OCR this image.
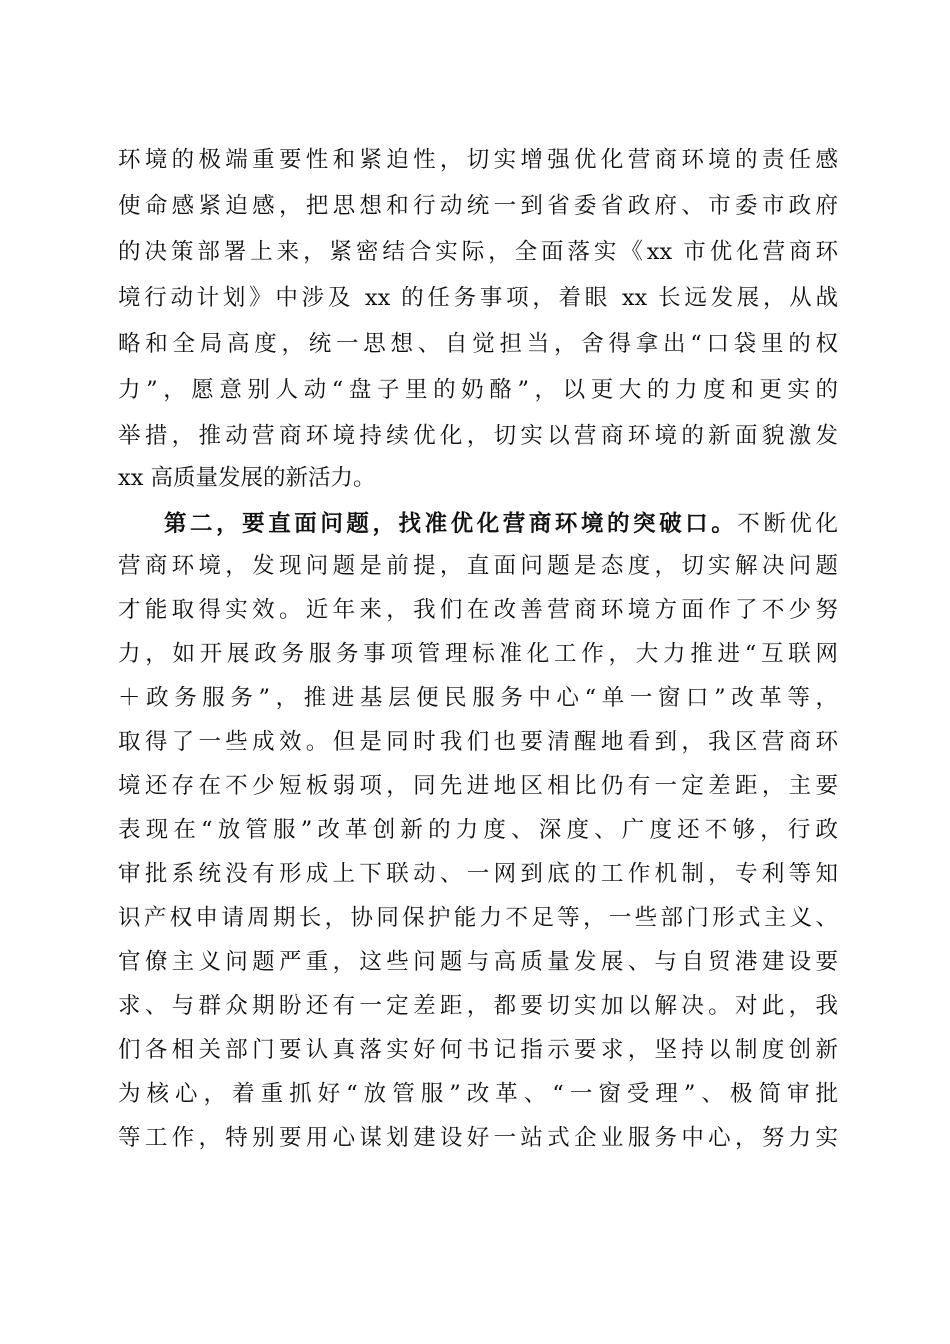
环境的极端重要性和紧迫性，切实增强优化营商环境的责任感
使命感紧迫感，把思想和行动统一到省委省政府、市委市政府
的决策部署上来，紧密结合实际，全面落实《xx 市优化营商环
境行动计划》中涉及 xx 的任务事项，着眼 xx 长远发展，从战
略和全局高度，统一思想、自觉担当，舍得拿出“口袋里的权
力”，愿意别人动“盘子里的奶酪”，以更大的力度和更实的
举措，推动营商环境持续优化，切实以营商环境的新面貌激发
xx 高质量发展的新活力。
第二，要直面问题，找准优化营商环境的突破口。不断优化
营商环境，发现问题是前提，直面问题是态度，切实解决问题
才能取得实效。近年来，我们在改善营商环境方面作了不少努
力，如开展政务服务事项管理标准化工作，大力推进“互联网
＋政务服务”，推进基层便民服务中心“单一窗口”改革等，
取得了一些成效。但是同时我们也要清醒地看到，我区营商环
境还存在不少短板弱项，同先进地区相比仍有一定差距，主要
表现在“放管服”改革创新的力度、深度、广度还不够，行政
审批系统没有形成上下联动、一网到底的工作机制，专利等知
识产权申请周期长，协同保护能力不足等，一些部门形式主义、
官僚主义问题严重，这些问题与高质量发展、与自贸港建设要
求、与群众期盼还有一定差距，都要切实加以解决。对此，我
们各相关部门要认真落实好何书记指示要求，坚持以制度创新
为核心，着重抓好“放管服”改革、“一窗受理”、极简审批
等工作，特别要用心谋划建设好一站式企业服务中心，努力实
